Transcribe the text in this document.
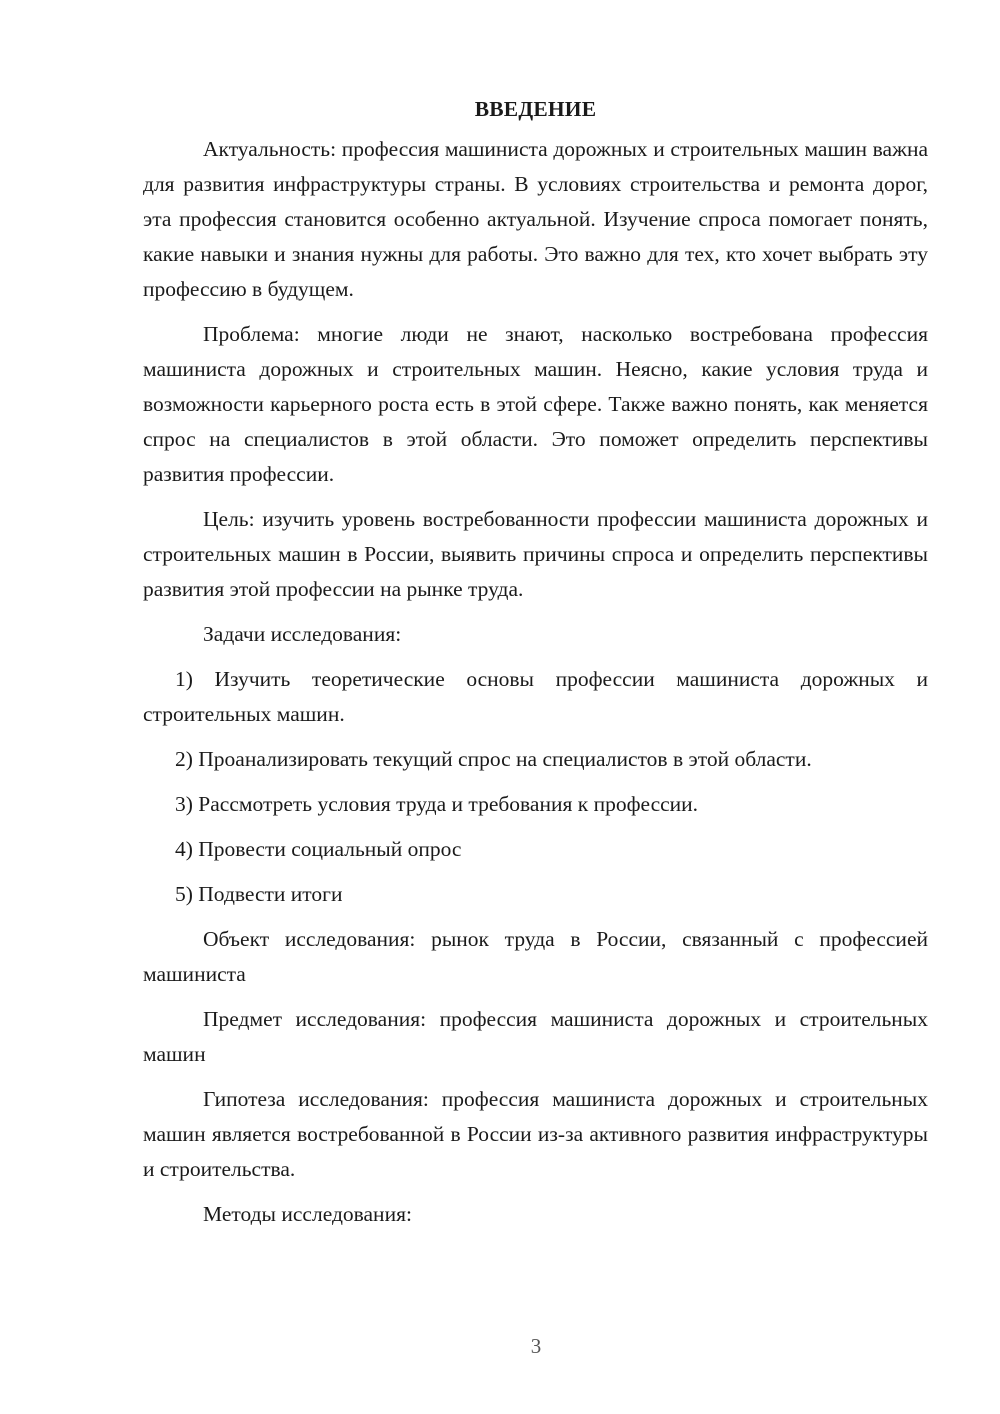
ВВЕДЕНИЕ

Актуальность: профессия машиниста дорожных и строительных машин важна для развития инфраструктуры страны. В условиях строительства и ремонта дорог, эта профессия становится особенно актуальной. Изучение спроса помогает понять, какие навыки и знания нужны для работы. Это важно для тех, кто хочет выбрать эту профессию в будущем.

Проблема: многие люди не знают, насколько востребована профессия машиниста дорожных и строительных машин. Неясно, какие условия труда и возможности карьерного роста есть в этой сфере. Также важно понять, как меняется спрос на специалистов в этой области. Это поможет определить перспективы развития профессии.

Цель: изучить уровень востребованности профессии машиниста дорожных и строительных машин в России, выявить причины спроса и определить перспективы развития этой профессии на рынке труда.

Задачи исследования:

1) Изучить теоретические основы профессии машиниста дорожных и строительных машин.

2) Проанализировать текущий спрос на специалистов в этой области.

3) Рассмотреть условия труда и требования к профессии.

4) Провести социальный опрос

5) Подвести итоги

Объект исследования: рынок труда в России, связанный с профессией машиниста

Предмет исследования: профессия машиниста дорожных и строительных машин

Гипотеза исследования: профессия машиниста дорожных и строительных машин является востребованной в России из-за активного развития инфраструктуры и строительства.

Методы исследования:

3
